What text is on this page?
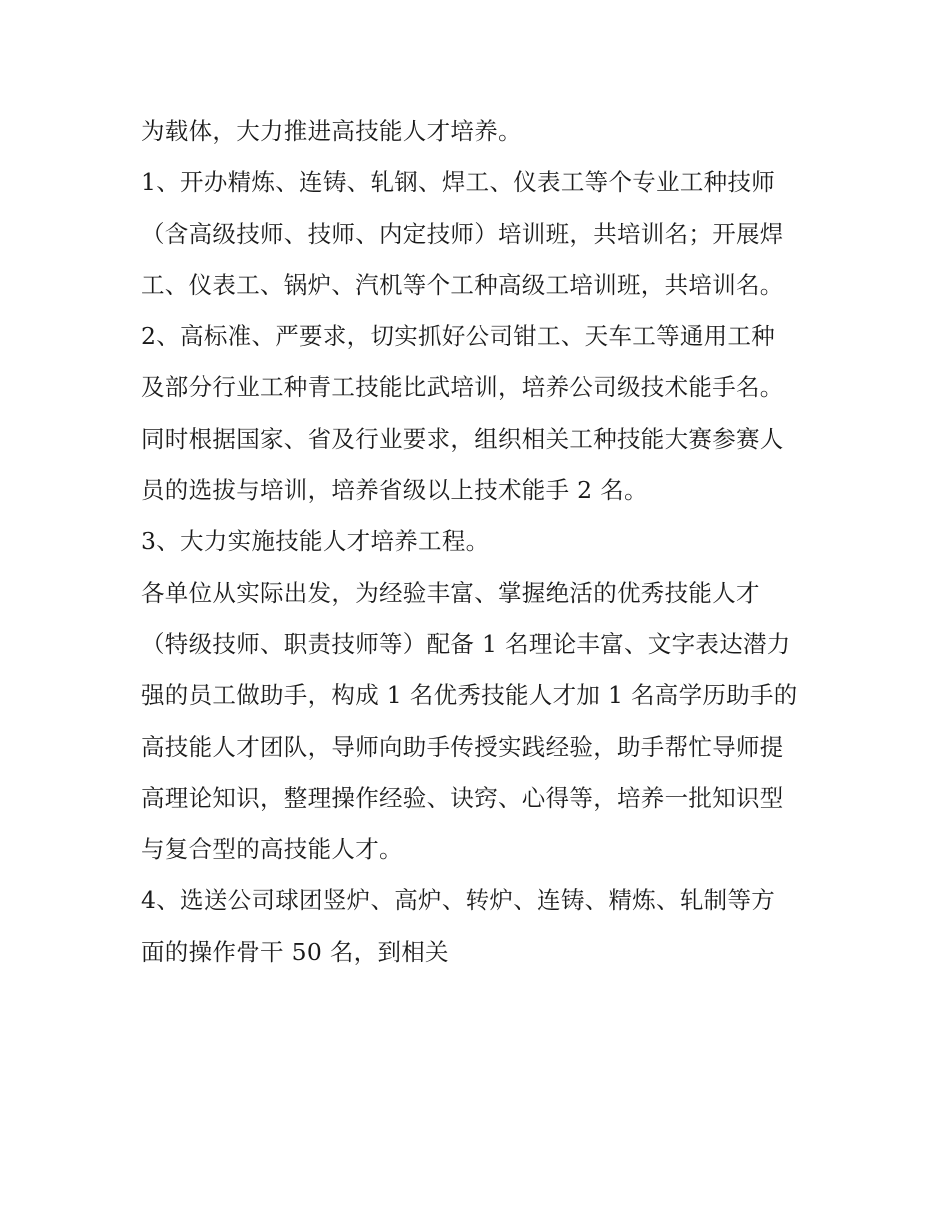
为载体，大力推进高技能人才培养。
1、开办精炼、连铸、轧钢、焊工、仪表工等个专业工种技师
（含高级技师、技师、内定技师）培训班，共培训名；开展焊
工、仪表工、锅炉、汽机等个工种高级工培训班，共培训名。
2、高标准、严要求，切实抓好公司钳工、天车工等通用工种
及部分行业工种青工技能比武培训，培养公司级技术能手名。
同时根据国家、省及行业要求，组织相关工种技能大赛参赛人
员的选拔与培训，培养省级以上技术能手 2 名。
3、大力实施技能人才培养工程。
各单位从实际出发，为经验丰富、掌握绝活的优秀技能人才
（特级技师、职责技师等）配备 1 名理论丰富、文字表达潜力
强的员工做助手，构成 1 名优秀技能人才加 1 名高学历助手的
高技能人才团队，导师向助手传授实践经验，助手帮忙导师提
高理论知识，整理操作经验、诀窍、心得等，培养一批知识型
与复合型的高技能人才。
4、选送公司球团竖炉、高炉、转炉、连铸、精炼、轧制等方
面的操作骨干 50 名，到相关
